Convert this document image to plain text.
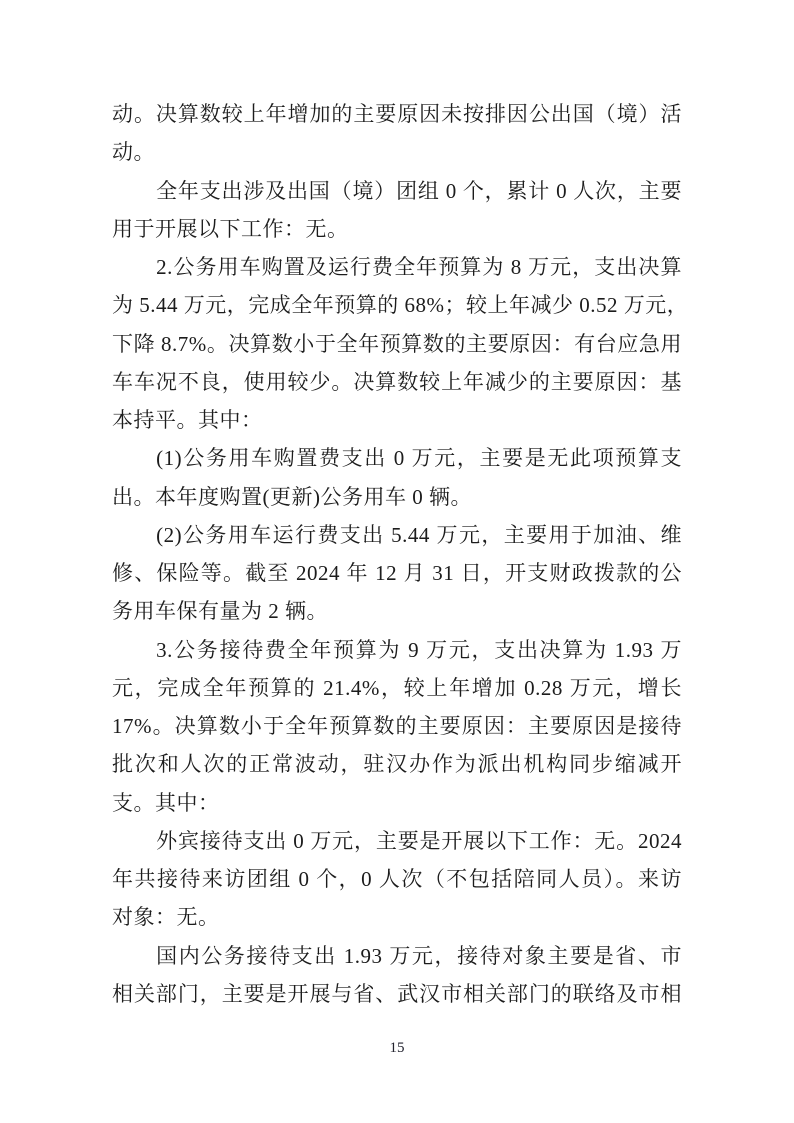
动。决算数较上年增加的主要原因未按排因公出国（境）活
动。
全年支出涉及出国（境）团组 0 个，累计 0 人次，主要
用于开展以下工作：无。
2.公务用车购置及运行费全年预算为 8 万元，支出决算
为 5.44 万元，完成全年预算的 68%；较上年减少 0.52 万元，
下降 8.7%。决算数小于全年预算数的主要原因：有台应急用
车车况不良，使用较少。决算数较上年减少的主要原因：基
本持平。其中：
(1)公务用车购置费支出 0 万元，主要是无此项预算支
出。本年度购置(更新)公务用车 0 辆。
(2)公务用车运行费支出 5.44 万元，主要用于加油、维
修、保险等。截至 2024 年 12 月 31 日，开支财政拨款的公
务用车保有量为 2 辆。
3.公务接待费全年预算为 9 万元，支出决算为 1.93 万
元，完成全年预算的 21.4%，较上年增加 0.28 万元，增长
17%。决算数小于全年预算数的主要原因：主要原因是接待
批次和人次的正常波动，驻汉办作为派出机构同步缩减开
支。其中：
外宾接待支出 0 万元，主要是开展以下工作：无。2024
年共接待来访团组 0 个，0 人次（不包括陪同人员）。来访
对象：无。
国内公务接待支出 1.93 万元，接待对象主要是省、市
相关部门，主要是开展与省、武汉市相关部门的联络及市相
15
